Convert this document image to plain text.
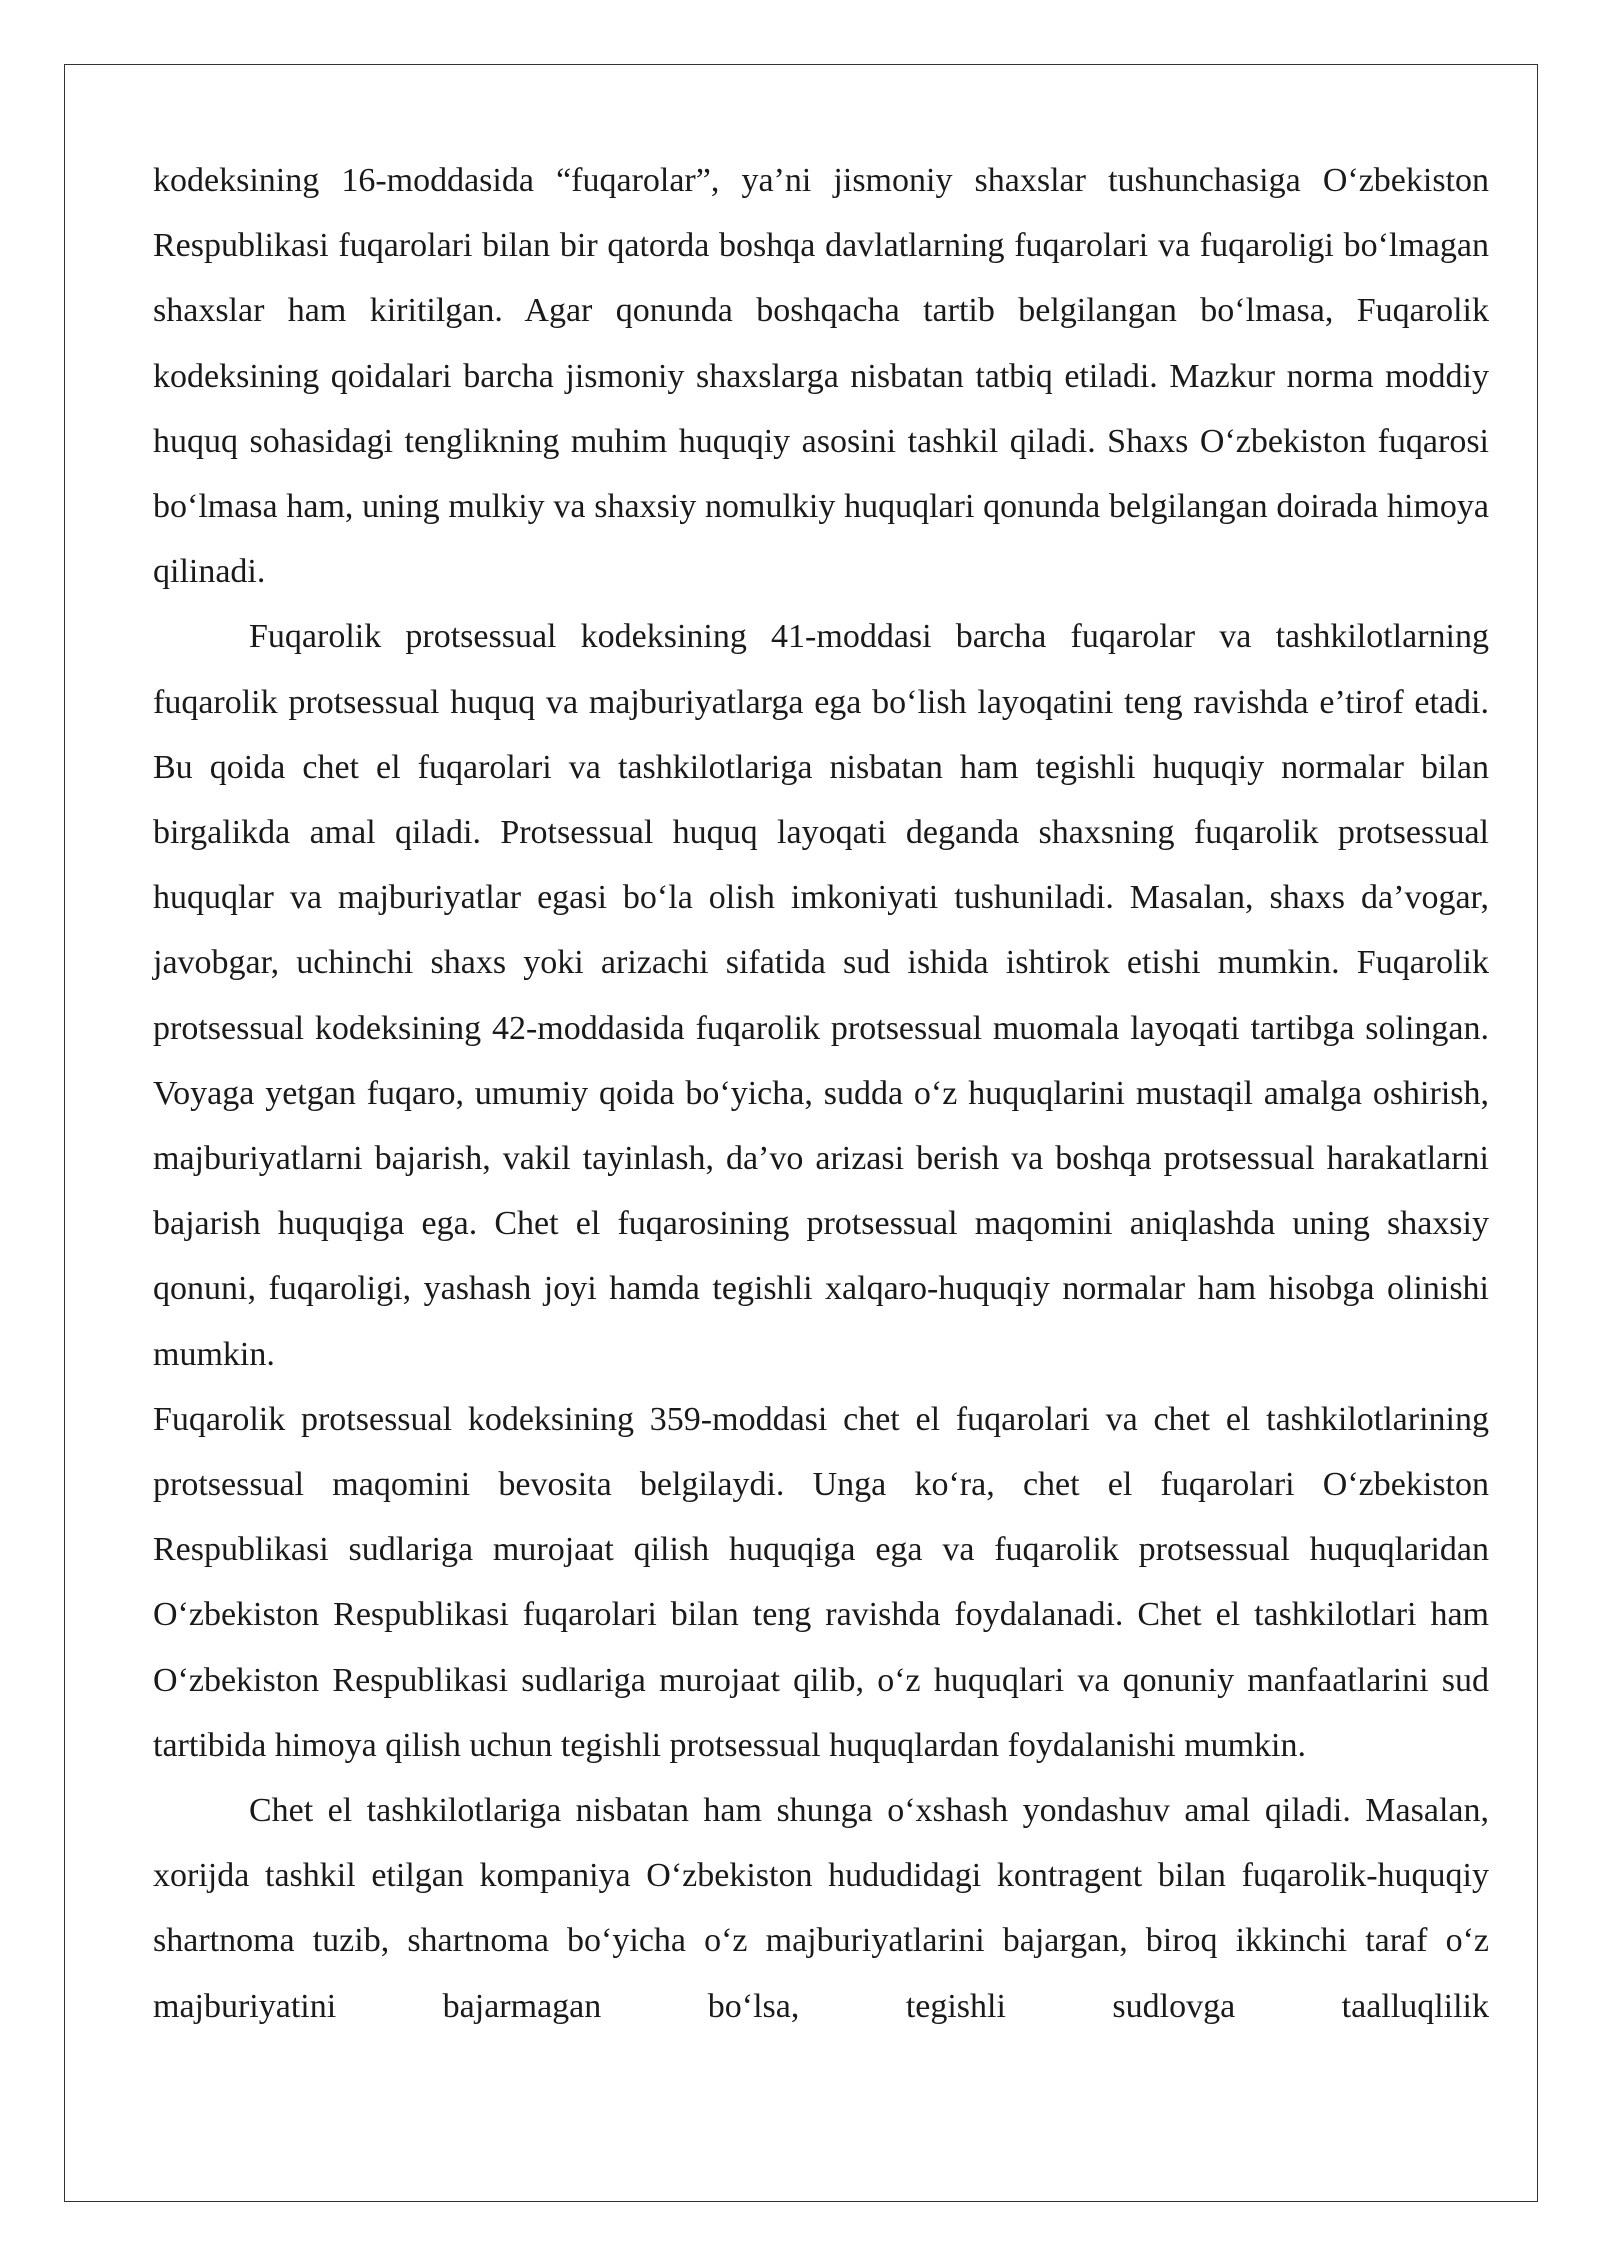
kodeksining 16-moddasida “fuqarolar”, ya’ni jismoniy shaxslar tushunchasiga O‘zbekiston Respublikasi fuqarolari bilan bir qatorda boshqa davlatlarning fuqarolari va fuqaroligi bo‘lmagan shaxslar ham kiritilgan. Agar qonunda boshqacha tartib belgilangan bo‘lmasa, Fuqarolik kodeksining qoidalari barcha jismoniy shaxslarga nisbatan tatbiq etiladi. Mazkur norma moddiy huquq sohasidagi tenglikning muhim huquqiy asosini tashkil qiladi. Shaxs O‘zbekiston fuqarosi bo‘lmasa ham, uning mulkiy va shaxsiy nomulkiy huquqlari qonunda belgilangan doirada himoya qilinadi.

Fuqarolik protsessual kodeksining 41-moddasi barcha fuqarolar va tashkilotlarning fuqarolik protsessual huquq va majburiyatlarga ega bo‘lish layoqatini teng ravishda e’tirof etadi. Bu qoida chet el fuqarolari va tashkilotlariga nisbatan ham tegishli huquqiy normalar bilan birgalikda amal qiladi. Protsessual huquq layoqati deganda shaxsning fuqarolik protsessual huquqlar va majburiyatlar egasi bo‘la olish imkoniyati tushuniladi. Masalan, shaxs da’vogar, javobgar, uchinchi shaxs yoki arizachi sifatida sud ishida ishtirok etishi mumkin. Fuqarolik protsessual kodeksining 42-moddasida fuqarolik protsessual muomala layoqati tartibga solingan. Voyaga yetgan fuqaro, umumiy qoida bo‘yicha, sudda o‘z huquqlarini mustaqil amalga oshirish, majburiyatlarni bajarish, vakil tayinlash, da’vo arizasi berish va boshqa protsessual harakatlarni bajarish huquqiga ega. Chet el fuqarosining protsessual maqomini aniqlashda uning shaxsiy qonuni, fuqaroligi, yashash joyi hamda tegishli xalqaro-huquqiy normalar ham hisobga olinishi mumkin.

Fuqarolik protsessual kodeksining 359-moddasi chet el fuqarolari va chet el tashkilotlarining protsessual maqomini bevosita belgilaydi. Unga ko‘ra, chet el fuqarolari O‘zbekiston Respublikasi sudlariga murojaat qilish huquqiga ega va fuqarolik protsessual huquqlaridan O‘zbekiston Respublikasi fuqarolari bilan teng ravishda foydalanadi. Chet el tashkilotlari ham O‘zbekiston Respublikasi sudlariga murojaat qilib, o‘z huquqlari va qonuniy manfaatlarini sud tartibida himoya qilish uchun tegishli protsessual huquqlardan foydalanishi mumkin.

Chet el tashkilotlariga nisbatan ham shunga o‘xshash yondashuv amal qiladi. Masalan, xorijda tashkil etilgan kompaniya O‘zbekiston hududidagi kontragent bilan fuqarolik-huquqiy shartnoma tuzib, shartnoma bo‘yicha o‘z majburiyatlarini bajargan, biroq ikkinchi taraf o‘z majburiyatini bajarmagan bo‘lsa, tegishli sudlovga taalluqlilik
